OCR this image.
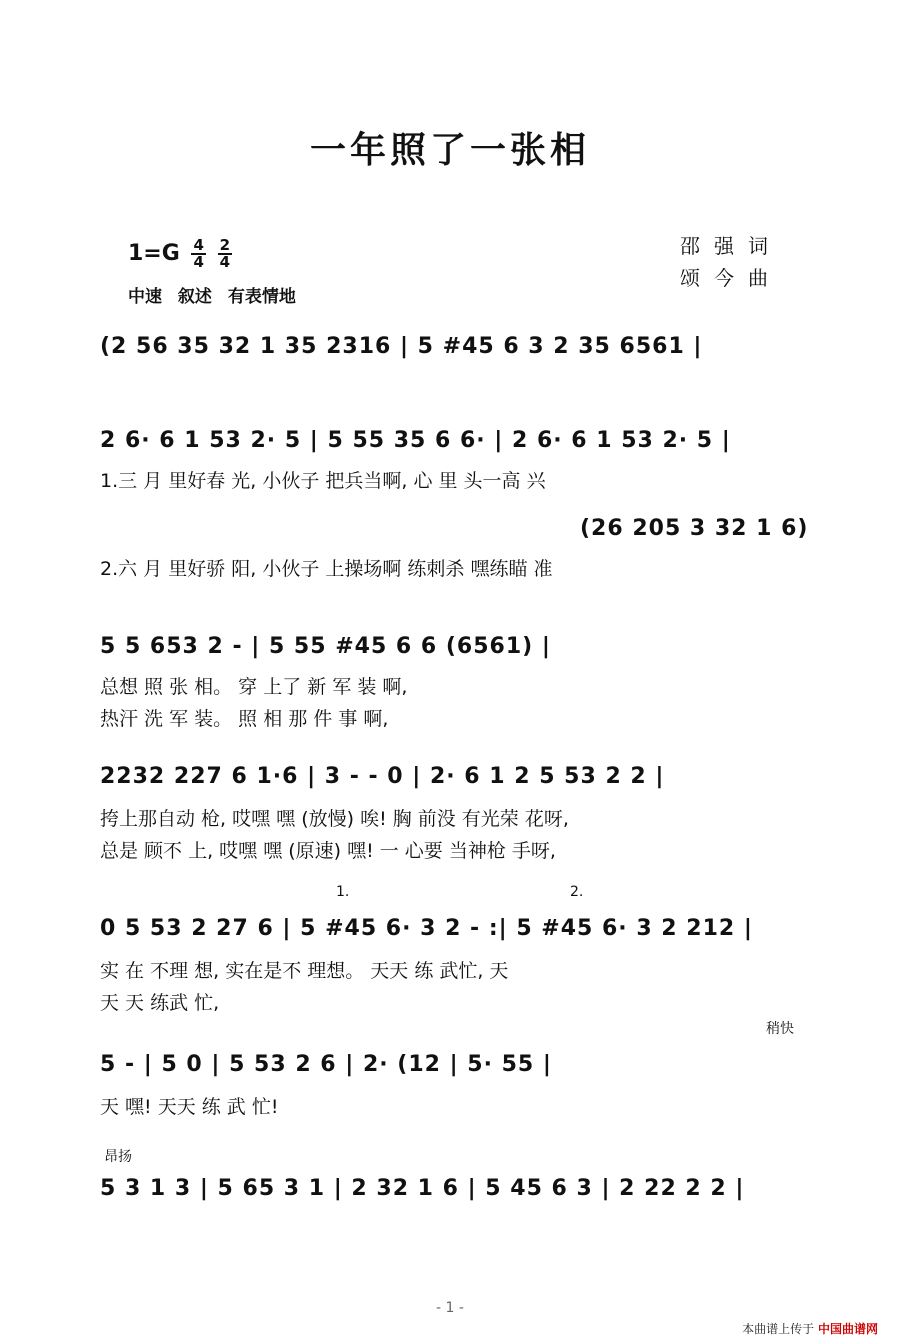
一年照了一张相
$1=G \frac{4}{4}$
$\frac{2}{4}$
中速 叙述 有表情地
邵强词
颂今曲
(2 56 35 32 1 35 2316 | 5 #45 6 3 2 35 6561 |
2 6· 6 1 53 2· 5 | 5 55 35 6 6· | 2 6· 6 1 53 2· 5 |
1.三 月 里好春 光, 小伙子 把兵当啊, 心 里 头一高 兴
(26 205 3 32 1 6)
2.六 月 里好骄 阳, 小伙子 上操场啊 练刺杀 嘿练瞄 准
5 5 653 2 - | 5 55 #45 6 6 (6561) |
总想 照 张 相。 穿 上了 新 军 装 啊,
热汗 洗 军 装。 照 相 那 件 事 啊,
2232 227 6 1·6 | 3 - - 0 | 2· 6 1 2 5 53 2 2 |
挎上那自动 枪, 哎嘿 嘿 (放慢) 唉! 胸 前没 有光荣 花呀,
总是 顾不 上, 哎嘿 嘿 (原速) 嘿! 一 心要 当神枪 手呀,
1.	2.
0 5 53 2 27 6 | 5 #45 6· 3 2 - :| 5 #45 6· 3 2 212 |
实 在 不理 想, 实在是不 理想。 天天 练 武忙, 天
天 天 练武 忙,
稍快
5 - | 5 0 | 5 53 2 6 | 2· (12 | 5· 55 |
天 嘿! 天天 练 武 忙!
昂扬
5 3 1 3 | 5 65 3 1 | 2 32 1 6 | 5 45 6 3 | 2 22 2 2 |
- 1 -
本曲谱上传于 中国曲谱网
